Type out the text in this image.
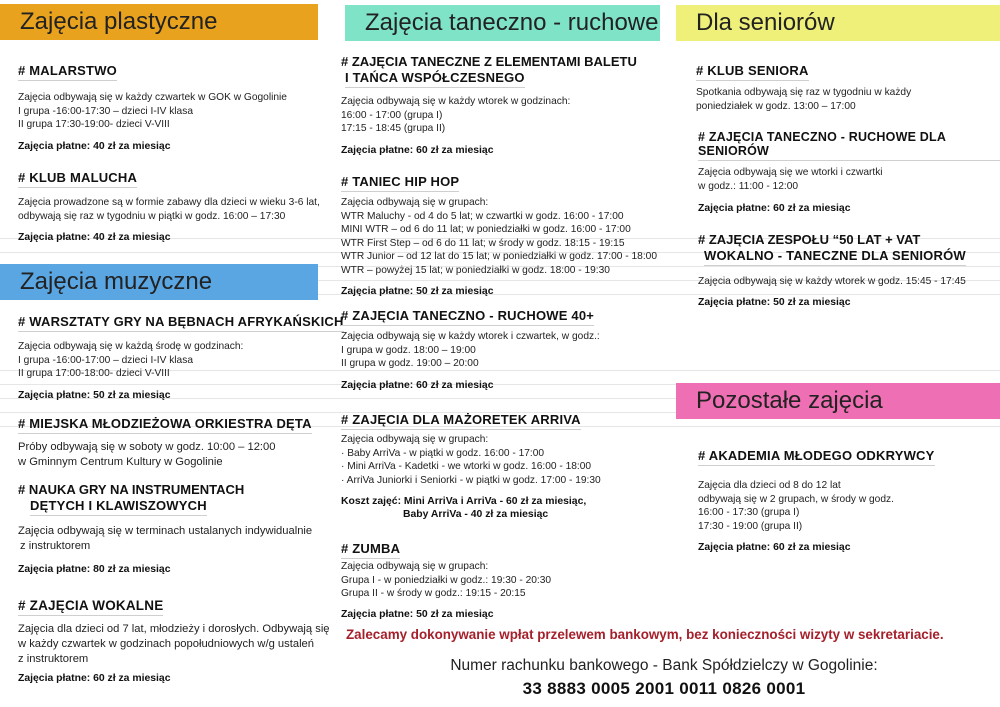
Zajęcia plastyczne	Zajęcia taneczno - ruchowe	Dla seniorów
Zajęcia muzyczne
Pozostałe zajęcia
# MALARSTWO
Zajęcia odbywają się w każdy czwartek w GOK w Gogolinie
I grupa -16:00-17:30 – dzieci I-IV klasa
II grupa 17:30-19:00- dzieci V-VIII
Zajęcia płatne: 40 zł za miesiąc
# KLUB MALUCHA
Zajęcia prowadzone są w formie zabawy dla dzieci w wieku 3-6 lat,
odbywają się raz w tygodniu w piątki w godz. 16:00 – 17:30
Zajęcia płatne: 40 zł za miesiąc
# WARSZTATY GRY NA BĘBNACH AFRYKAŃSKICH
Zajęcia odbywają się w każdą środę w godzinach:
I grupa -16:00-17:00 – dzieci I-IV klasa
II grupa 17:00-18:00- dzieci V-VIII
Zajęcia płatne: 50 zł za miesiąc
# MIEJSKA MŁODZIEŻOWA ORKIESTRA DĘTA
Próby odbywają się w soboty w godz. 10:00 – 12:00
w Gminnym Centrum Kultury w Gogolinie
# NAUKA GRY NA INSTRUMENTACH
DĘTYCH I KLAWISZOWYCH
Zajęcia odbywają się w terminach ustalanych indywidualnie
z instruktorem
Zajęcia płatne: 80 zł za miesiąc
# ZAJĘCIA WOKALNE
Zajęcia dla dzieci od 7 lat, młodzieży i dorosłych. Odbywają się
w każdy czwartek w godzinach popołudniowych w/g ustaleń
z instruktorem
Zajęcia płatne: 60 zł za miesiąc
# ZAJĘCIA TANECZNE Z ELEMENTAMI BALETU
I TAŃCA WSPÓŁCZESNEGO
Zajęcia odbywają się w każdy wtorek w godzinach:
16:00 - 17:00 (grupa I)
17:15 - 18:45 (grupa II)
Zajęcia płatne: 60 zł za miesiąc
# TANIEC HIP HOP
Zajęcia odbywają się w grupach:
WTR Maluchy - od 4 do 5 lat; w czwartki w godz. 16:00 - 17:00
MINI WTR – od 6 do 11 lat; w poniedziałki w godz. 16:00 - 17:00
WTR First Step – od 6 do 11 lat; w środy w godz. 18:15 - 19:15
WTR Junior – od 12 lat do 15 lat; w poniedziałki w godz. 17:00 - 18:00
WTR – powyżej 15 lat; w poniedziałki w godz. 18:00 - 19:30
Zajęcia płatne: 50 zł za miesiąc
# ZAJĘCIA TANECZNO - RUCHOWE 40+
Zajęcia odbywają się w każdy wtorek i czwartek, w godz.:
I grupa w godz. 18:00 – 19:00
II grupa w godz. 19:00 – 20:00
Zajęcia płatne: 60 zł za miesiąc
# ZAJĘCIA DLA MAŻORETEK ARRIVA
Zajęcia odbywają się w grupach:
· Baby ArriVa - w piątki w godz. 16:00 - 17:00
· Mini ArriVa - Kadetki - we wtorki w godz. 16:00 - 18:00
· ArriVa Juniorki i Seniorki - w piątki w godz. 17:00 - 19:30
Koszt zajęć: Mini ArriVa i ArriVa - 60 zł za miesiąc,
Baby ArriVa - 40 zł za miesiąc
# ZUMBA
Zajęcia odbywają się w grupach:
Grupa I - w poniedziałki w godz.: 19:30 - 20:30
Grupa II - w środy w godz.: 19:15 - 20:15
Zajęcia płatne: 50 zł za miesiąc
# KLUB SENIORA
Spotkania odbywają się raz w tygodniu w każdy
poniedziałek w godz. 13:00 – 17:00
# ZAJĘCIA TANECZNO - RUCHOWE DLA SENIORÓW
Zajęcia odbywają się we wtorki i czwartki
w godz.: 11:00 - 12:00
Zajęcia płatne: 60 zł za miesiąc
# ZAJĘCIA ZESPOŁU “50 LAT + VAT
WOKALNO - TANECZNE DLA SENIORÓW
Zajęcia odbywają się w każdy wtorek w godz. 15:45 - 17:45
Zajęcia płatne: 50 zł za miesiąc
# AKADEMIA MŁODEGO ODKRYWCY
Zajęcia dla dzieci od 8 do 12 lat
odbywają się w 2 grupach, w środy w godz.
16:00 - 17:30 (grupa I)
17:30 - 19:00 (grupa II)
Zajęcia płatne: 60 zł za miesiąc
Zalecamy dokonywanie wpłat przelewem bankowym, bez konieczności wizyty w sekretariacie.
Numer rachunku bankowego - Bank Spółdzielczy w Gogolinie:
33 8883 0005 2001 0011 0826 0001
